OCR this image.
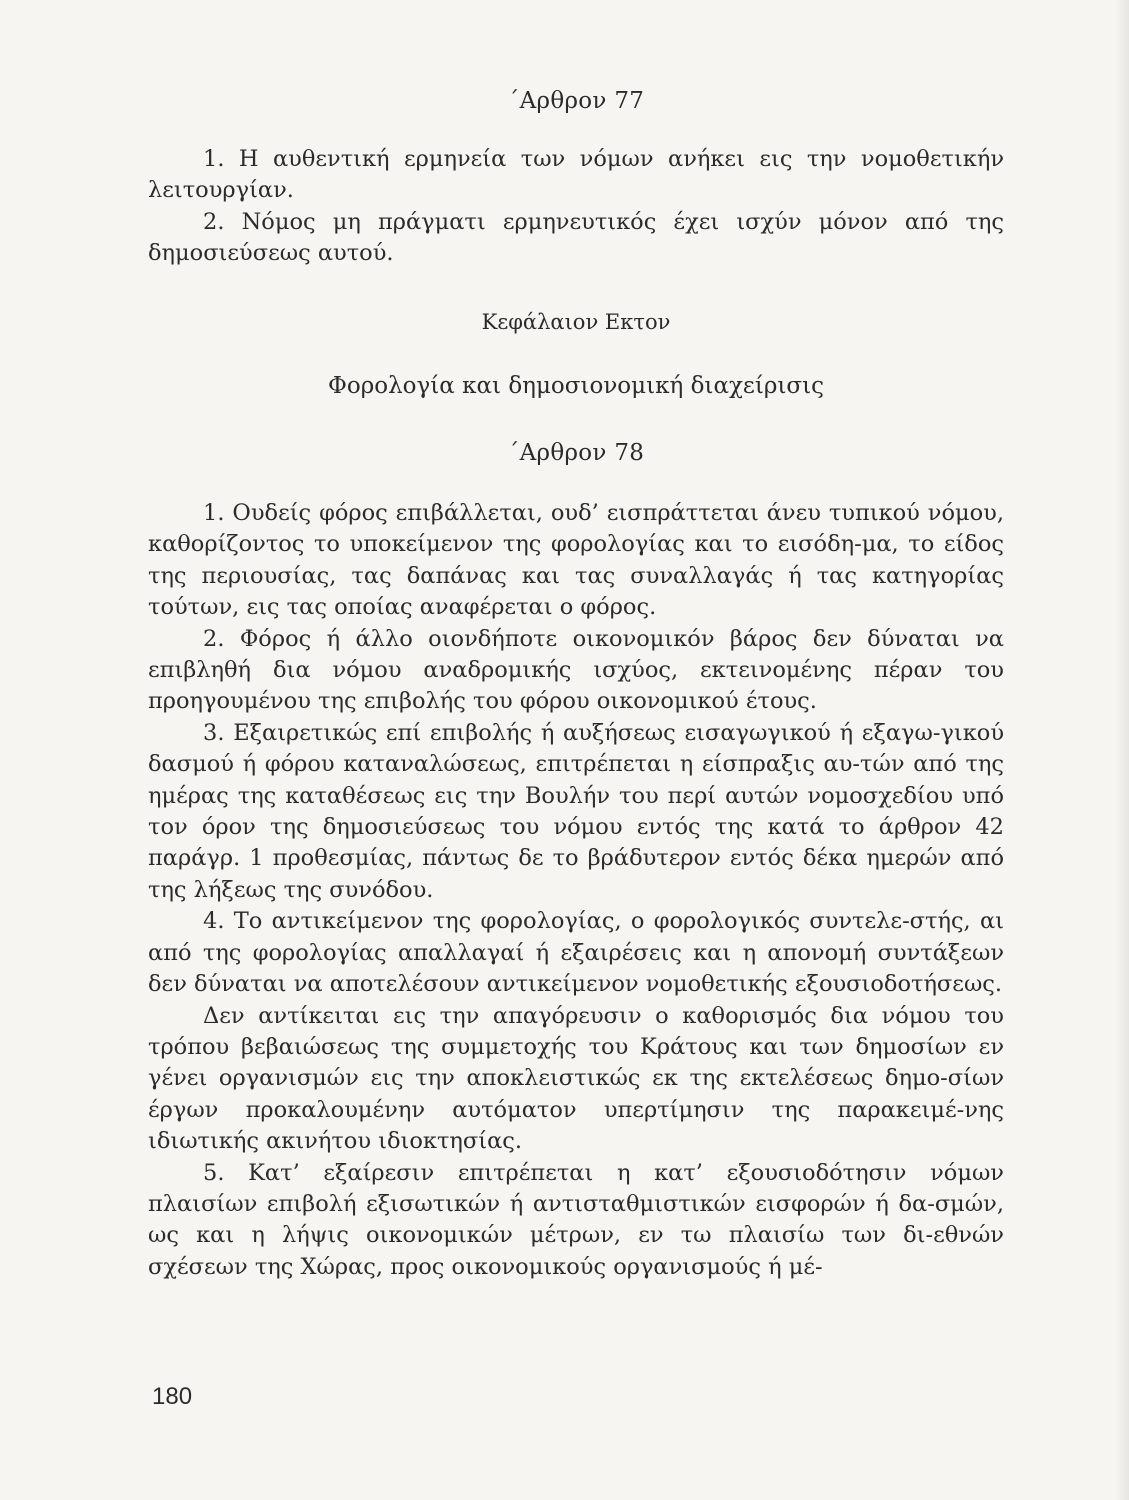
΄Αρθρον 77

1. Η αυθεντική ερμηνεία των νόμων ανήκει εις την νομοθετικήν λειτουργίαν.

2. Νόμος μη πράγματι ερμηνευτικός έχει ισχύν μόνον από της δημοσιεύσεως αυτού.

Κεφάλαιον Εκτον
Φορολογία και δημοσιονομική διαχείρισις
΄Αρθρον 78

1. Ουδείς φόρος επιβάλλεται, ουδ’ εισπράττεται άνευ τυπικού νόμου, καθορίζοντος το υποκείμενον της φορολογίας και το εισόδη-μα, το είδος της περιουσίας, τας δαπάνας και τας συναλλαγάς ή τας κατηγορίας τούτων, εις τας οποίας αναφέρεται ο φόρος.

2. Φόρος ή άλλο οιονδήποτε οικονομικόν βάρος δεν δύναται να επιβληθή δια νόμου αναδρομικής ισχύος, εκτεινομένης πέραν του προηγουμένου της επιβολής του φόρου οικονομικού έτους.

3. Εξαιρετικώς επί επιβολής ή αυξήσεως εισαγωγικού ή εξαγω-γικού δασμού ή φόρου καταναλώσεως, επιτρέπεται η είσπραξις αυ-τών από της ημέρας της καταθέσεως εις την Βουλήν του περί αυτών νομοσχεδίου υπό τον όρον της δημοσιεύσεως του νόμου εντός της κατά το άρθρον 42 παράγρ. 1 προθεσμίας, πάντως δε το βράδυτερον εντός δέκα ημερών από της λήξεως της συνόδου.

4. Το αντικείμενον της φορολογίας, ο φορολογικός συντελε-στής, αι από της φορολογίας απαλλαγαί ή εξαιρέσεις και η απονομή συντάξεων δεν δύναται να αποτελέσουν αντικείμενον νομοθετικής εξουσιοδοτήσεως.

Δεν αντίκειται εις την απαγόρευσιν ο καθορισμός δια νόμου του τρόπου βεβαιώσεως της συμμετοχής του Κράτους και των δημοσίων εν γένει οργανισμών εις την αποκλειστικώς εκ της εκτελέσεως δημο-σίων έργων προκαλουμένην αυτόματον υπερτίμησιν της παρακειμέ-νης ιδιωτικής ακινήτου ιδιοκτησίας.

5. Κατ’ εξαίρεσιν επιτρέπεται η κατ’ εξουσιοδότησιν νόμων πλαισίων επιβολή εξισωτικών ή αντισταθμιστικών εισφορών ή δα-σμών, ως και η λήψις οικονομικών μέτρων, εν τω πλαισίω των δι-εθνών σχέσεων της Χώρας, προς οικονομικούς οργανισμούς ή μέ-

180
